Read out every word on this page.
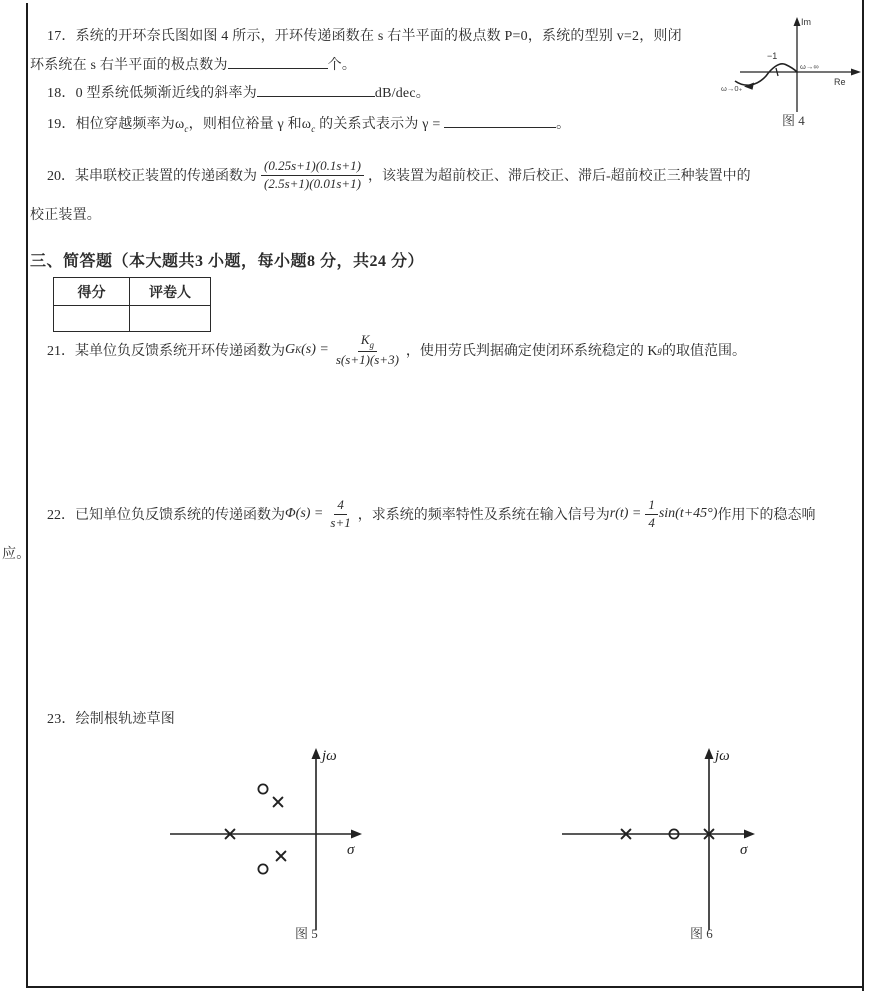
17．系统的开环奈氏图如图 4 所示，开环传递函数在 s 右半平面的极点数 P=0，系统的型别 v=2，则闭
环系统在 s 右半平面的极点数为	个。
18．0 型系统低频渐近线的斜率为	dB/dec。
19．相位穿越频率为$\omega_c$，则相位裕量 γ 和$\omega_c$ 的关系式表示为 γ =	。
20．某串联校正装置的传递函数为 $\frac{(0.25s+1)(0.1s+1)}{(2.5s+1)(0.01s+1)}$ ，该装置为超前校正、滞后校正、滞后-超前校正三种装置中的
校正装置。
三、简答题（本大题共3 小题，每小题8 分，共24 分）
得分	评卷人

21．某单位负反馈系统开环传递函数为 G K $(s) = \frac{K_g}{s(s+1)(s+3)}$ ，使用劳氏判据确定使闭环系统稳定的 K g 的取值范围。
22．已知单位负反馈系统的传递函数为 $\Phi(s) = \frac{4}{s+1}$ ，求系统的频率特性及系统在输入信号为 $r(t) = \frac{1}{4} \sin(t+45^\circ)$ 作用下的稳态响
应。
23．绘制根轨迹草图
Im
Re
−1
ω→∞
ω→0₊
图 4
jω
σ
图 5
jω
σ
图 6
